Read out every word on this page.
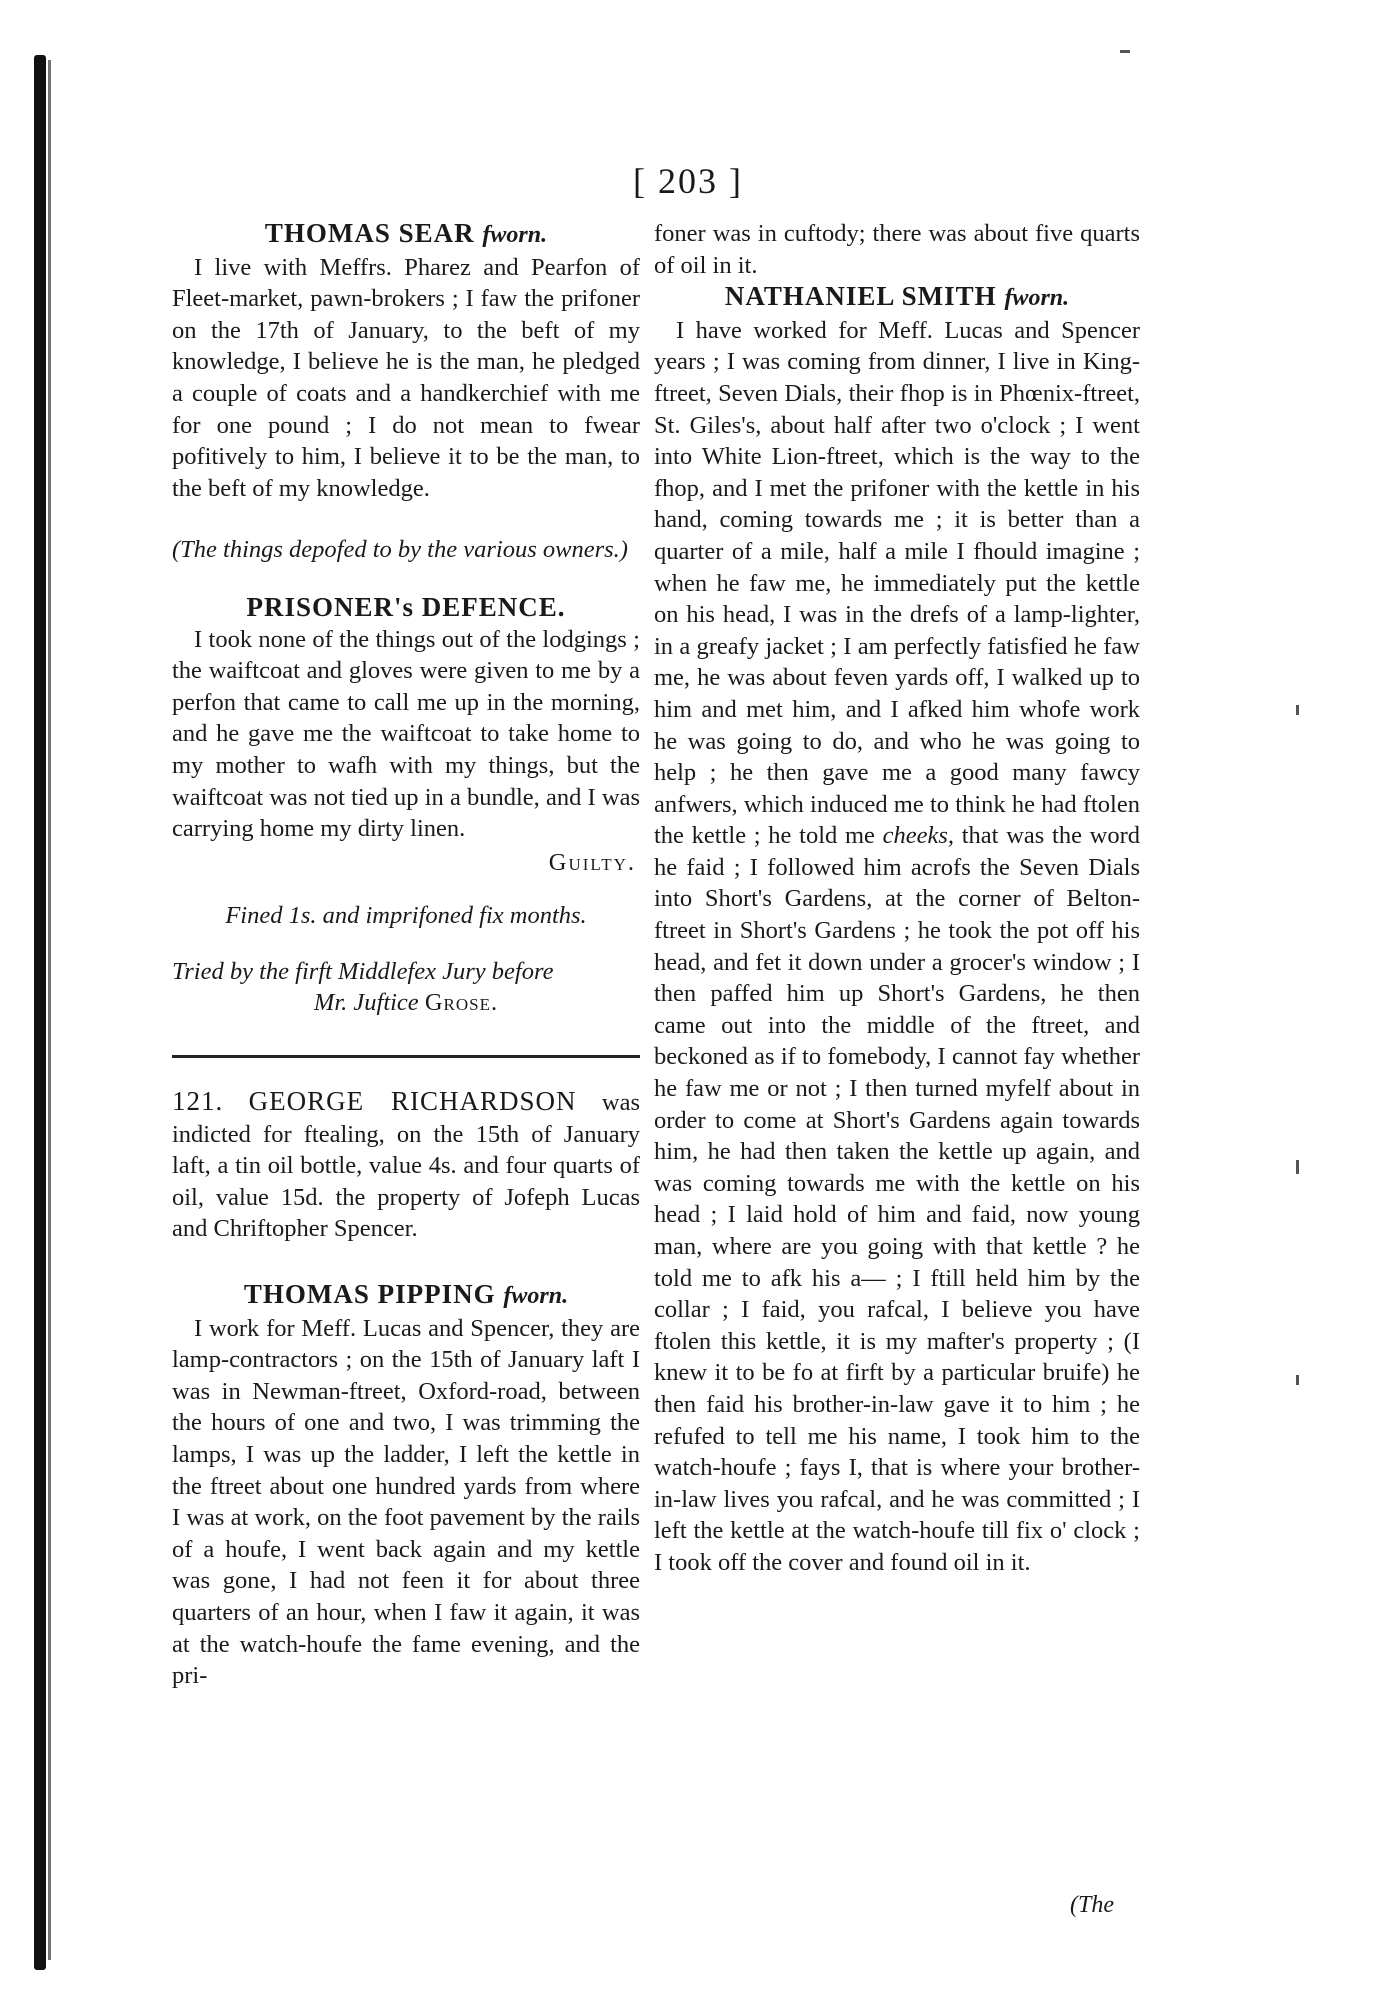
[ 203 ]
THOMAS SEAR fworn.

I live with Meffrs. Pharez and Pearfon of Fleet-market, pawn-brokers ; I faw the prifoner on the 17th of January, to the beft of my knowledge, I believe he is the man, he pledged a couple of coats and a handkerchief with me for one pound ; I do not mean to fwear pofitively to him, I believe it to be the man, to the beft of my knowledge.

(The things depofed to by the various owners.)

PRISONER's DEFENCE.

I took none of the things out of the lodgings ; the waiftcoat and gloves were given to me by a perfon that came to call me up in the morning, and he gave me the waiftcoat to take home to my mother to wafh with my things, but the waiftcoat was not tied up in a bundle, and I was carrying home my dirty linen.

Guilty.
Fined 1s. and imprifoned fix months.

Tried by the firft Middlefex Jury before
Mr. Juftice Grose.

121. GEORGE RICHARDSON was indicted for ftealing, on the 15th of January laft, a tin oil bottle, value 4s. and four quarts of oil, value 15d. the property of Jofeph Lucas and Chriftopher Spencer.

THOMAS PIPPING fworn.

I work for Meff. Lucas and Spencer, they are lamp-contractors ; on the 15th of January laft I was in Newman-ftreet, Oxford-road, between the hours of one and two, I was trimming the lamps, I was up the ladder, I left the kettle in the ftreet about one hundred yards from where I was at work, on the foot pavement by the rails of a houfe, I went back again and my kettle was gone, I had not feen it for about three quarters of an hour, when I faw it again, it was at the watch-houfe the fame evening, and the pri-

foner was in cuftody; there was about five quarts of oil in it.

NATHANIEL SMITH fworn.

I have worked for Meff. Lucas and Spencer years ; I was coming from dinner, I live in King-ftreet, Seven Dials, their fhop is in Phœnix-ftreet, St. Giles's, about half after two o'clock ; I went into White Lion-ftreet, which is the way to the fhop, and I met the prifoner with the kettle in his hand, coming towards me ; it is better than a quarter of a mile, half a mile I fhould imagine ; when he faw me, he immediately put the kettle on his head, I was in the drefs of a lamp-lighter, in a greafy jacket ; I am perfectly fatisfied he faw me, he was about feven yards off, I walked up to him and met him, and I afked him whofe work he was going to do, and who he was going to help ; he then gave me a good many fawcy anfwers, which induced me to think he had ftolen the kettle ; he told me cheeks, that was the word he faid ; I followed him acrofs the Seven Dials into Short's Gardens, at the corner of Belton-ftreet in Short's Gardens ; he took the pot off his head, and fet it down under a grocer's window ; I then paffed him up Short's Gardens, he then came out into the middle of the ftreet, and beckoned as if to fomebody, I cannot fay whether he faw me or not ; I then turned myfelf about in order to come at Short's Gardens again towards him, he had then taken the kettle up again, and was coming towards me with the kettle on his head ; I laid hold of him and faid, now young man, where are you going with that kettle ? he told me to afk his a— ; I ftill held him by the collar ; I faid, you rafcal, I believe you have ftolen this kettle, it is my mafter's property ; (I knew it to be fo at firft by a particular bruife) he then faid his brother-in-law gave it to him ; he refufed to tell me his name, I took him to the watch-houfe ; fays I, that is where your brother-in-law lives you rafcal, and he was committed ; I left the kettle at the watch-houfe till fix o' clock ; I took off the cover and found oil in it.

(The
